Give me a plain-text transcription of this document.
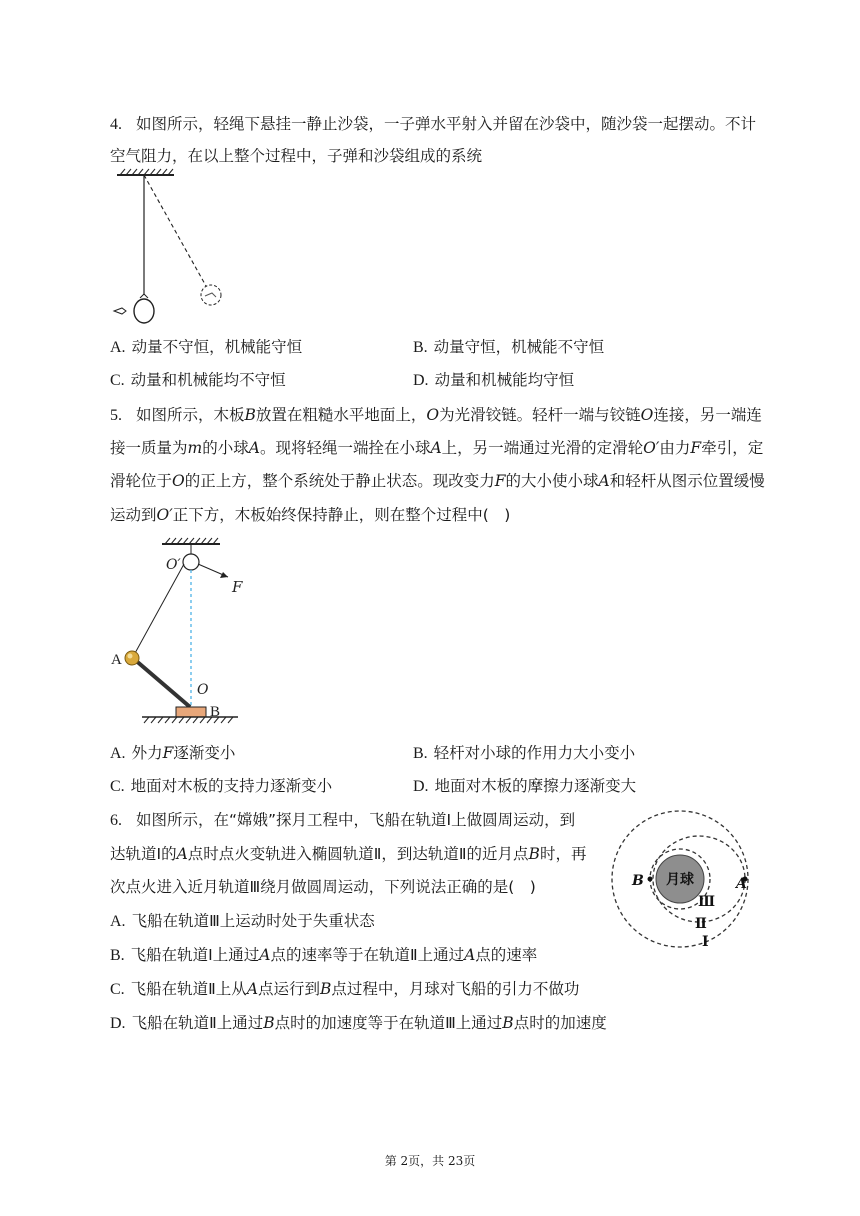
4. 如图所示，轻绳下悬挂一静止沙袋，一子弹水平射入并留在沙袋中，随沙袋一起摆动。不计
空气阻力，在以上整个过程中，子弹和沙袋组成的系统
A. 动量不守恒，机械能守恒	B. 动量守恒，机械能不守恒
C. 动量和机械能均不守恒	D. 动量和机械能均守恒
5. 如图所示，木板B放置在粗糙水平地面上，O为光滑铰链。轻杆一端与铰链O连接，另一端连
接一质量为m的小球A。现将轻绳一端拴在小球A上，另一端通过光滑的定滑轮O′由力F牵引，定
滑轮位于O的正上方，整个系统处于静止状态。现改变力F的大小使小球A和轻杆从图示位置缓慢
运动到O′正下方，木板始终保持静止，则在整个过程中(　)
O′
F
A
O
B
A. 外力F逐渐变小	B. 轻杆对小球的作用力大小变小
C. 地面对木板的支持力逐渐变小	D. 地面对木板的摩擦力逐渐变大
6. 如图所示，在“嫦娥”探月工程中，飞船在轨道Ⅰ上做圆周运动，到
达轨道Ⅰ的A点时点火变轨进入椭圆轨道Ⅱ，到达轨道Ⅱ的近月点B时，再
次点火进入近月轨道Ⅲ绕月做圆周运动，下列说法正确的是(　)	月球
B	A
Ⅲ
Ⅱ
Ⅰ
A. 飞船在轨道Ⅲ上运动时处于失重状态
B. 飞船在轨道Ⅰ上通过A点的速率等于在轨道Ⅱ上通过A点的速率
C. 飞船在轨道Ⅱ上从A点运行到B点过程中，月球对飞船的引力不做功
D. 飞船在轨道Ⅱ上通过B点时的加速度等于在轨道Ⅲ上通过B点时的加速度
第 2页，共 23页
